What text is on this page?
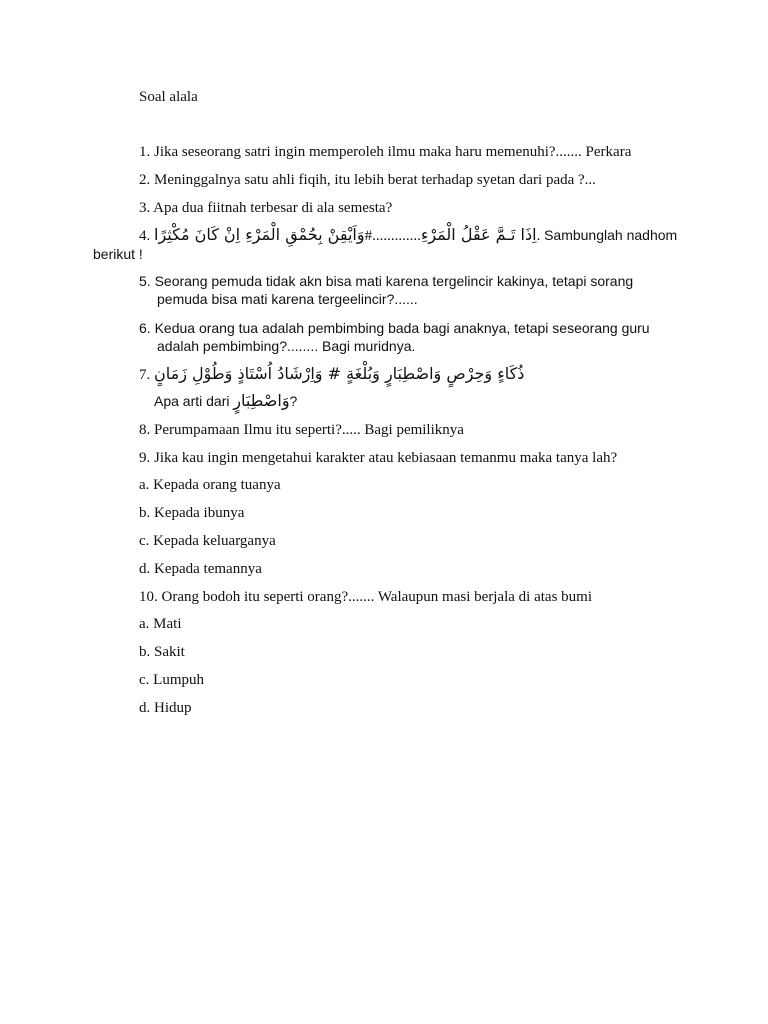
Soal alala
1. Jika seseorang satri ingin memperoleh ilmu maka haru memenuhi?....... Perkara
2. Meninggalnya satu ahli fiqih, itu lebih berat terhadap syetan dari pada ?...
3. Apa dua fiitnah terbesar di ala semesta?
4. وَاَيْقِنْ بِحُمْقِ الْمَرْءِ اِنْ كَانَ مُكْثِرًا#.............اِذَا تَـمَّ عَقْلُ الْمَرْءِ. Sambunglah nadhom
berikut !
5. Seorang pemuda tidak akn bisa mati karena tergelincir kakinya, tetapi sorang
pemuda bisa mati karena tergeelincir?......
6. Kedua orang tua adalah pembimbing bada bagi anaknya, tetapi seseorang guru
adalah pembimbing?........ Bagi muridnya.
7. ذُكَاءٍ وَحِرْصٍ وَاصْطِبَارٍ وَبُلْغَةٍ # وَاِرْشَادُ اُسْتَاذٍ وَطُوْلِ زَمَانٍ
Apa arti dari وَاصْطِبَارٍ?
8. Perumpamaan Ilmu itu seperti?..... Bagi pemiliknya
9. Jika kau ingin mengetahui karakter atau kebiasaan temanmu maka tanya lah?
a. Kepada orang tuanya
b. Kepada ibunya
c. Kepada keluarganya
d. Kepada temannya
10. Orang bodoh itu seperti orang?....... Walaupun masi berjala di atas bumi
a. Mati
b. Sakit
c. Lumpuh
d. Hidup
